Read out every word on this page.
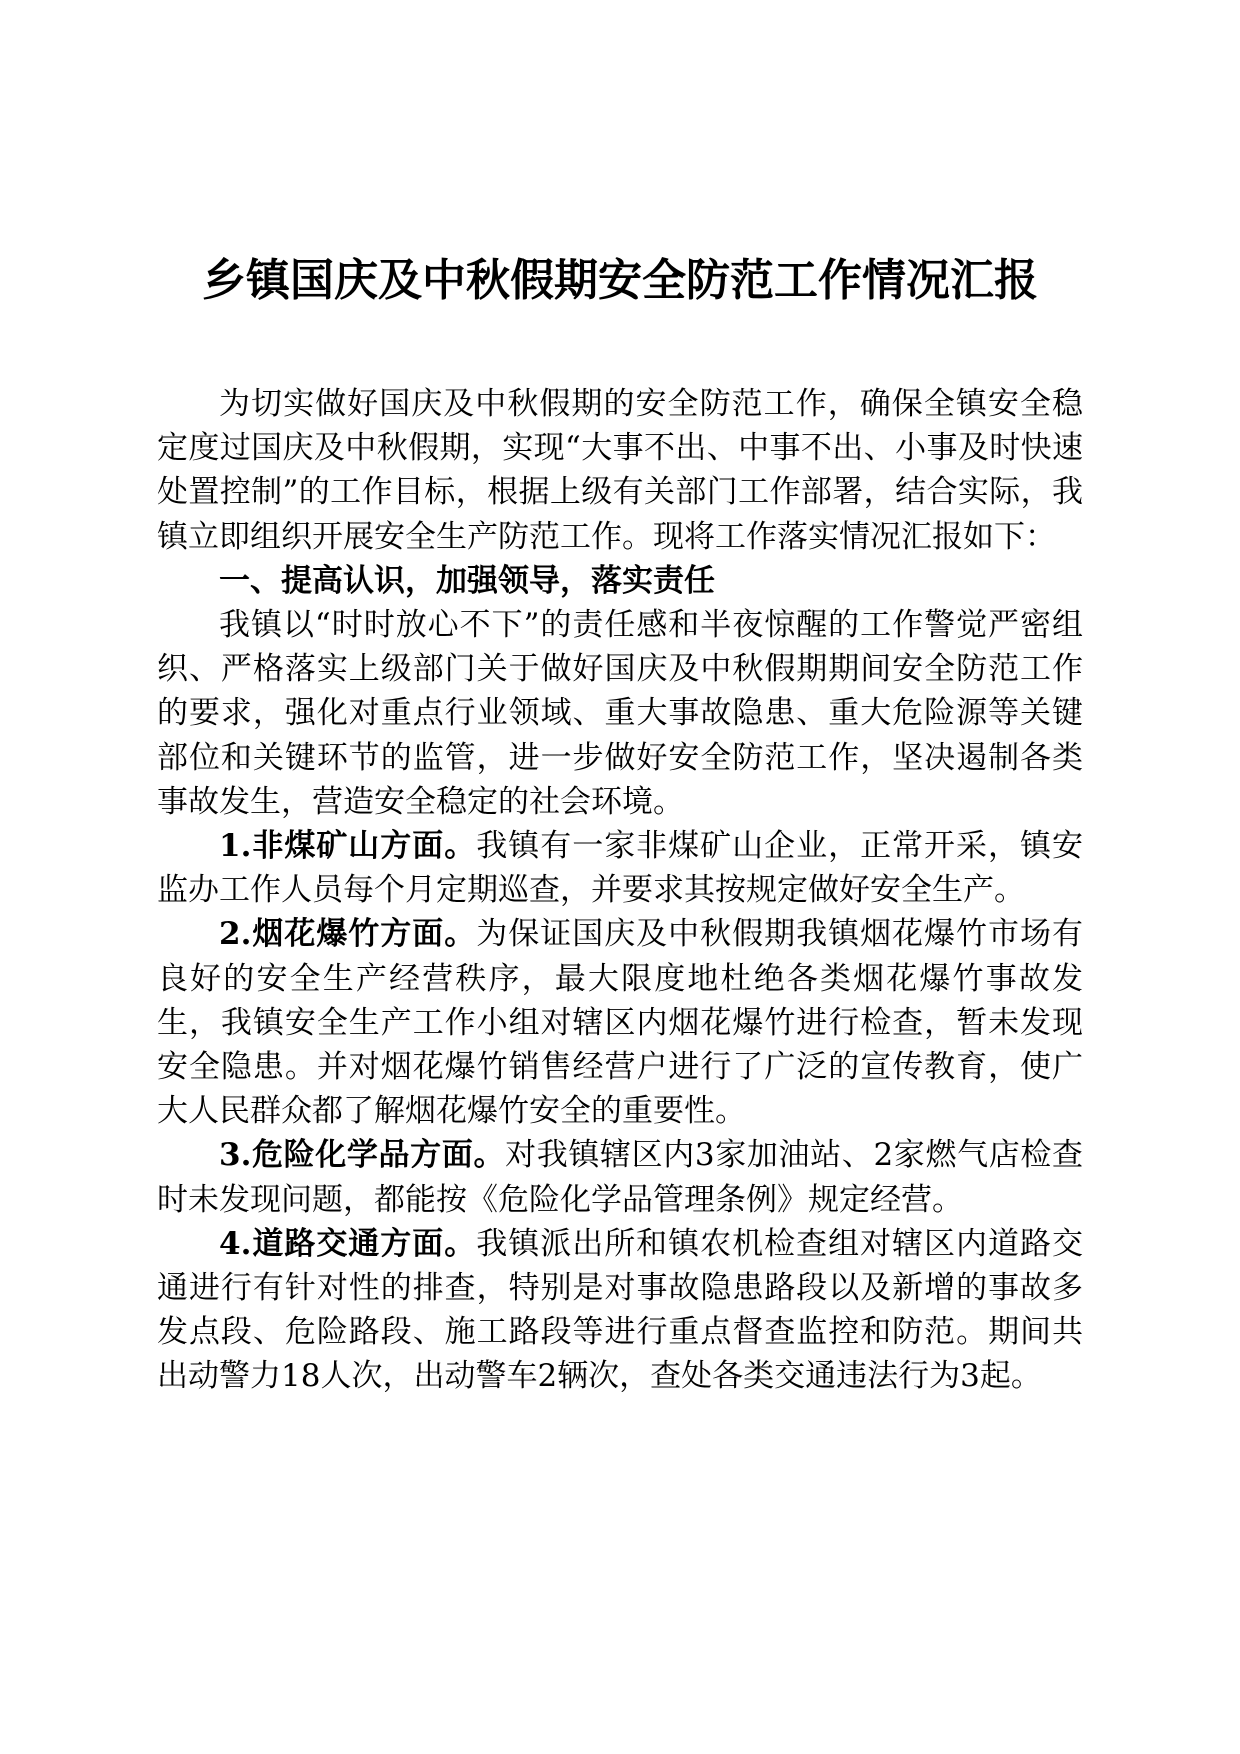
乡镇国庆及中秋假期安全防范工作情况汇报

为切实做好国庆及中秋假期的安全防范工作，确保全镇安全稳定度过国庆及中秋假期，实现“大事不出、中事不出、小事及时快速处置控制”的工作目标，根据上级有关部门工作部署，结合实际，我镇立即组织开展安全生产防范工作。现将工作落实情况汇报如下：

一、提高认识，加强领导，落实责任

我镇以“时时放心不下”的责任感和半夜惊醒的工作警觉严密组织、严格落实上级部门关于做好国庆及中秋假期期间安全防范工作的要求，强化对重点行业领域、重大事故隐患、重大危险源等关键部位和关键环节的监管，进一步做好安全防范工作，坚决遏制各类事故发生，营造安全稳定的社会环境。

1.非煤矿山方面。我镇有一家非煤矿山企业，正常开采，镇安监办工作人员每个月定期巡查，并要求其按规定做好安全生产。

2.烟花爆竹方面。为保证国庆及中秋假期我镇烟花爆竹市场有良好的安全生产经营秩序，最大限度地杜绝各类烟花爆竹事故发生，我镇安全生产工作小组对辖区内烟花爆竹进行检查，暂未发现安全隐患。并对烟花爆竹销售经营户进行了广泛的宣传教育，使广大人民群众都了解烟花爆竹安全的重要性。

3.危险化学品方面。对我镇辖区内3家加油站、2家燃气店检查时未发现问题，都能按《危险化学品管理条例》规定经营。

4.道路交通方面。我镇派出所和镇农机检查组对辖区内道路交通进行有针对性的排查，特别是对事故隐患路段以及新增的事故多发点段、危险路段、施工路段等进行重点督查监控和防范。期间共出动警力18人次，出动警车2辆次，查处各类交通违法行为3起。
